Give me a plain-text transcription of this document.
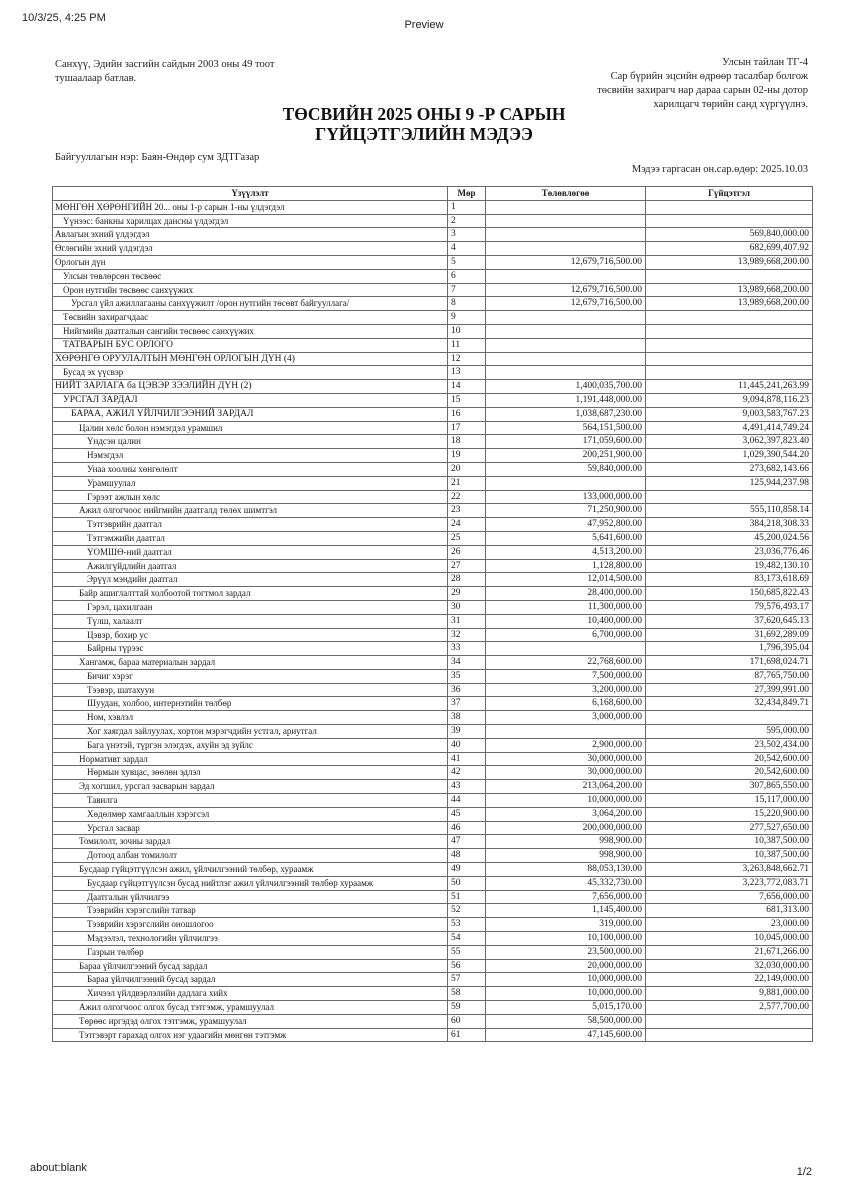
10/3/25, 4:25 PM
Preview
Санхүү, Эдийн засгийн сайдын 2003 оны 49 тоот
тушаалаар батлав.
Улсын тайлан ТГ-4
Сар бүрийн эцсийн өдрөөр тасалбар болгож
төсвийн захирагч нар дараа сарын 02-ны дотор
харилцагч төрийн санд хүргүүлнэ.
ТӨСВИЙН 2025 ОНЫ 9 -Р САРЫН
ГҮЙЦЭТГЭЛИЙН МЭДЭЭ
Байгууллагын нэр: Баян-Өндөр сум ЗДТГазар
Мэдээ гаргасан он.сар.өдөр: 2025.10.03
Үзүүлэлт	Мөр	Төлөвлөгөө	Гүйцэтгэл
МӨНГӨН ХӨРӨНГИЙН 20... оны 1-р сарын 1-ны үлдэгдэл	1		
Үүнээс: банкны харилцах дансны үлдэгдэл	2		
Авлагын эхний үлдэгдэл	3		569,840,000.00
Өглөгийн эхний үлдэгдэл	4		682,699,407.92
Орлогын дүн	5	12,679,716,500.00	13,989,668,200.00
Улсын төвлөрсөн төсвөөс	6		
Орон нутгийн төсвөөс санхүүжих	7	12,679,716,500.00	13,989,668,200.00
Урсгал үйл ажиллагааны санхүүжилт /орон нутгийн төсөвт байгууллага/	8	12,679,716,500.00	13,989,668,200.00
Төсвийн захирагчдаас	9		
Нийгмийн даатгалын сангийн төсвөөс санхүүжих	10		
ТАТВАРЫН БУС ОРЛОГО	11		
ХӨРӨНГӨ ОРУУЛАЛТЫН МӨНГӨН ОРЛОГЫН ДҮН (4)	12		
Бусад эх үүсвэр	13		
НИЙТ ЗАРЛАГА ба ЦЭВЭР ЗЭЭЛИЙН ДҮН (2)	14	1,400,035,700.00	11,445,241,263.99
УРСГАЛ ЗАРДАЛ	15	1,191,448,000.00	9,094,878,116.23
БАРАА, АЖИЛ ҮЙЛЧИЛГЭЭНИЙ ЗАРДАЛ	16	1,038,687,230.00	9,003,583,767.23
Цалин хөлс болон нэмэгдэл урамшил	17	564,151,500.00	4,491,414,749.24
Үндсэн цалин	18	171,059,600.00	3,062,397,823.40
Нэмэгдэл	19	200,251,900.00	1,029,390,544.20
Унаа хоолны хөнгөлөлт	20	59,840,000.00	273,682,143.66
Урамшуулал	21		125,944,237.98
Гэрээт ажлын хөлс	22	133,000,000.00	
Ажил олгогчоос нийгмийн даатгалд төлөх шимтгэл	23	71,250,900.00	555,110,858.14
Тэтгэврийн даатгал	24	47,952,800.00	384,218,308.33
Тэтгэмжийн даатгал	25	5,641,600.00	45,200,024.56
ҮОМШӨ-ний даатгал	26	4,513,200.00	23,036,776.46
Ажилгүйдлийн даатгал	27	1,128,800.00	19,482,130.10
Эрүүл мэндийн даатгал	28	12,014,500.00	83,173,618.69
Байр ашиглалттай холбоотой тогтмол зардал	29	28,400,000.00	150,685,822.43
Гэрэл, цахилгаан	30	11,300,000.00	79,576,493.17
Түлш, халаалт	31	10,400,000.00	37,620,645.13
Цэвэр, бохир ус	32	6,700,000.00	31,692,289.09
Байрны түрээс	33		1,796,395.04
Хангамж, бараа материалын зардал	34	22,768,600.00	171,698,024.71
Бичиг хэрэг	35	7,500,000.00	87,765,750.00
Тээвэр, шатахуун	36	3,200,000.00	27,399,991.00
Шуудан, холбоо, интернэтийн төлбөр	37	6,168,600.00	32,434,849.71
Ном, хэвлэл	38	3,000,000.00	
Хог хаягдал зайлуулах, хортон мэрэгчдийн устгал, ариутгал	39		595,000.00
Бага үнэтэй, түргэн элэгдэх, ахуйн эд зүйлс	40	2,900,000.00	23,502,434.00
Нормативт зардал	41	30,000,000.00	20,542,600.00
Нөрмын хувцас, зөөлөн эдлэл	42	30,000,000.00	20,542,600.00
Эд хогшил, урсгал засварын зардал	43	213,064,200.00	307,865,550.00
Тавилга	44	10,000,000.00	15,117,000.00
Хөдөлмөр хамгааллын хэрэгсэл	45	3,064,200.00	15,220,900.00
Урсгал засвар	46	200,000,000.00	277,527,650.00
Томилолт, зочны зардал	47	998,900.00	10,387,500.00
Дотоод албан томилолт	48	998,900.00	10,387,500.00
Бусдаар гүйцэтгүүлсэн ажил, үйлчилгээний төлбөр, хураамж	49	88,053,130.00	3,263,848,662.71
Бусдаар гүйцэтгүүлсэн бусад нийтлэг ажил үйлчилгээний төлбөр хураамж	50	45,332,730.00	3,223,772,083.71
Даатгалын үйлчилгээ	51	7,656,000.00	7,656,000.00
Тээврийн хэрэгслийн татвар	52	1,145,400.00	681,313.00
Тээврийн хэрэгслийн оношлогоо	53	319,000.00	23,000.00
Мэдээлэл, технологийн үйлчилгээ	54	10,100,000.00	10,045,000.00
Газрын төлбөр	55	23,500,000.00	21,671,266.00
Бараа үйлчилгээний бусад зардал	56	20,000,000.00	32,030,000.00
Бараа үйлчилгээний бусад зардал	57	10,000,000.00	22,149,000.00
Хичээл үйлдвэрлэлийн дадлага хийх	58	10,000,000.00	9,881,000.00
Ажил олгогчоос олгох бусад тэтгэмж, урамшуулал	59	5,015,170.00	2,577,700.00
Төрөөс иргэдэд олгох тэтгэмж, урамшуулал	60	58,500,000.00	
Тэтгэвэрт гарахад олгох нэг удаагийн мөнгөн тэтгэмж	61	47,145,600.00	
about:blank	1/2
